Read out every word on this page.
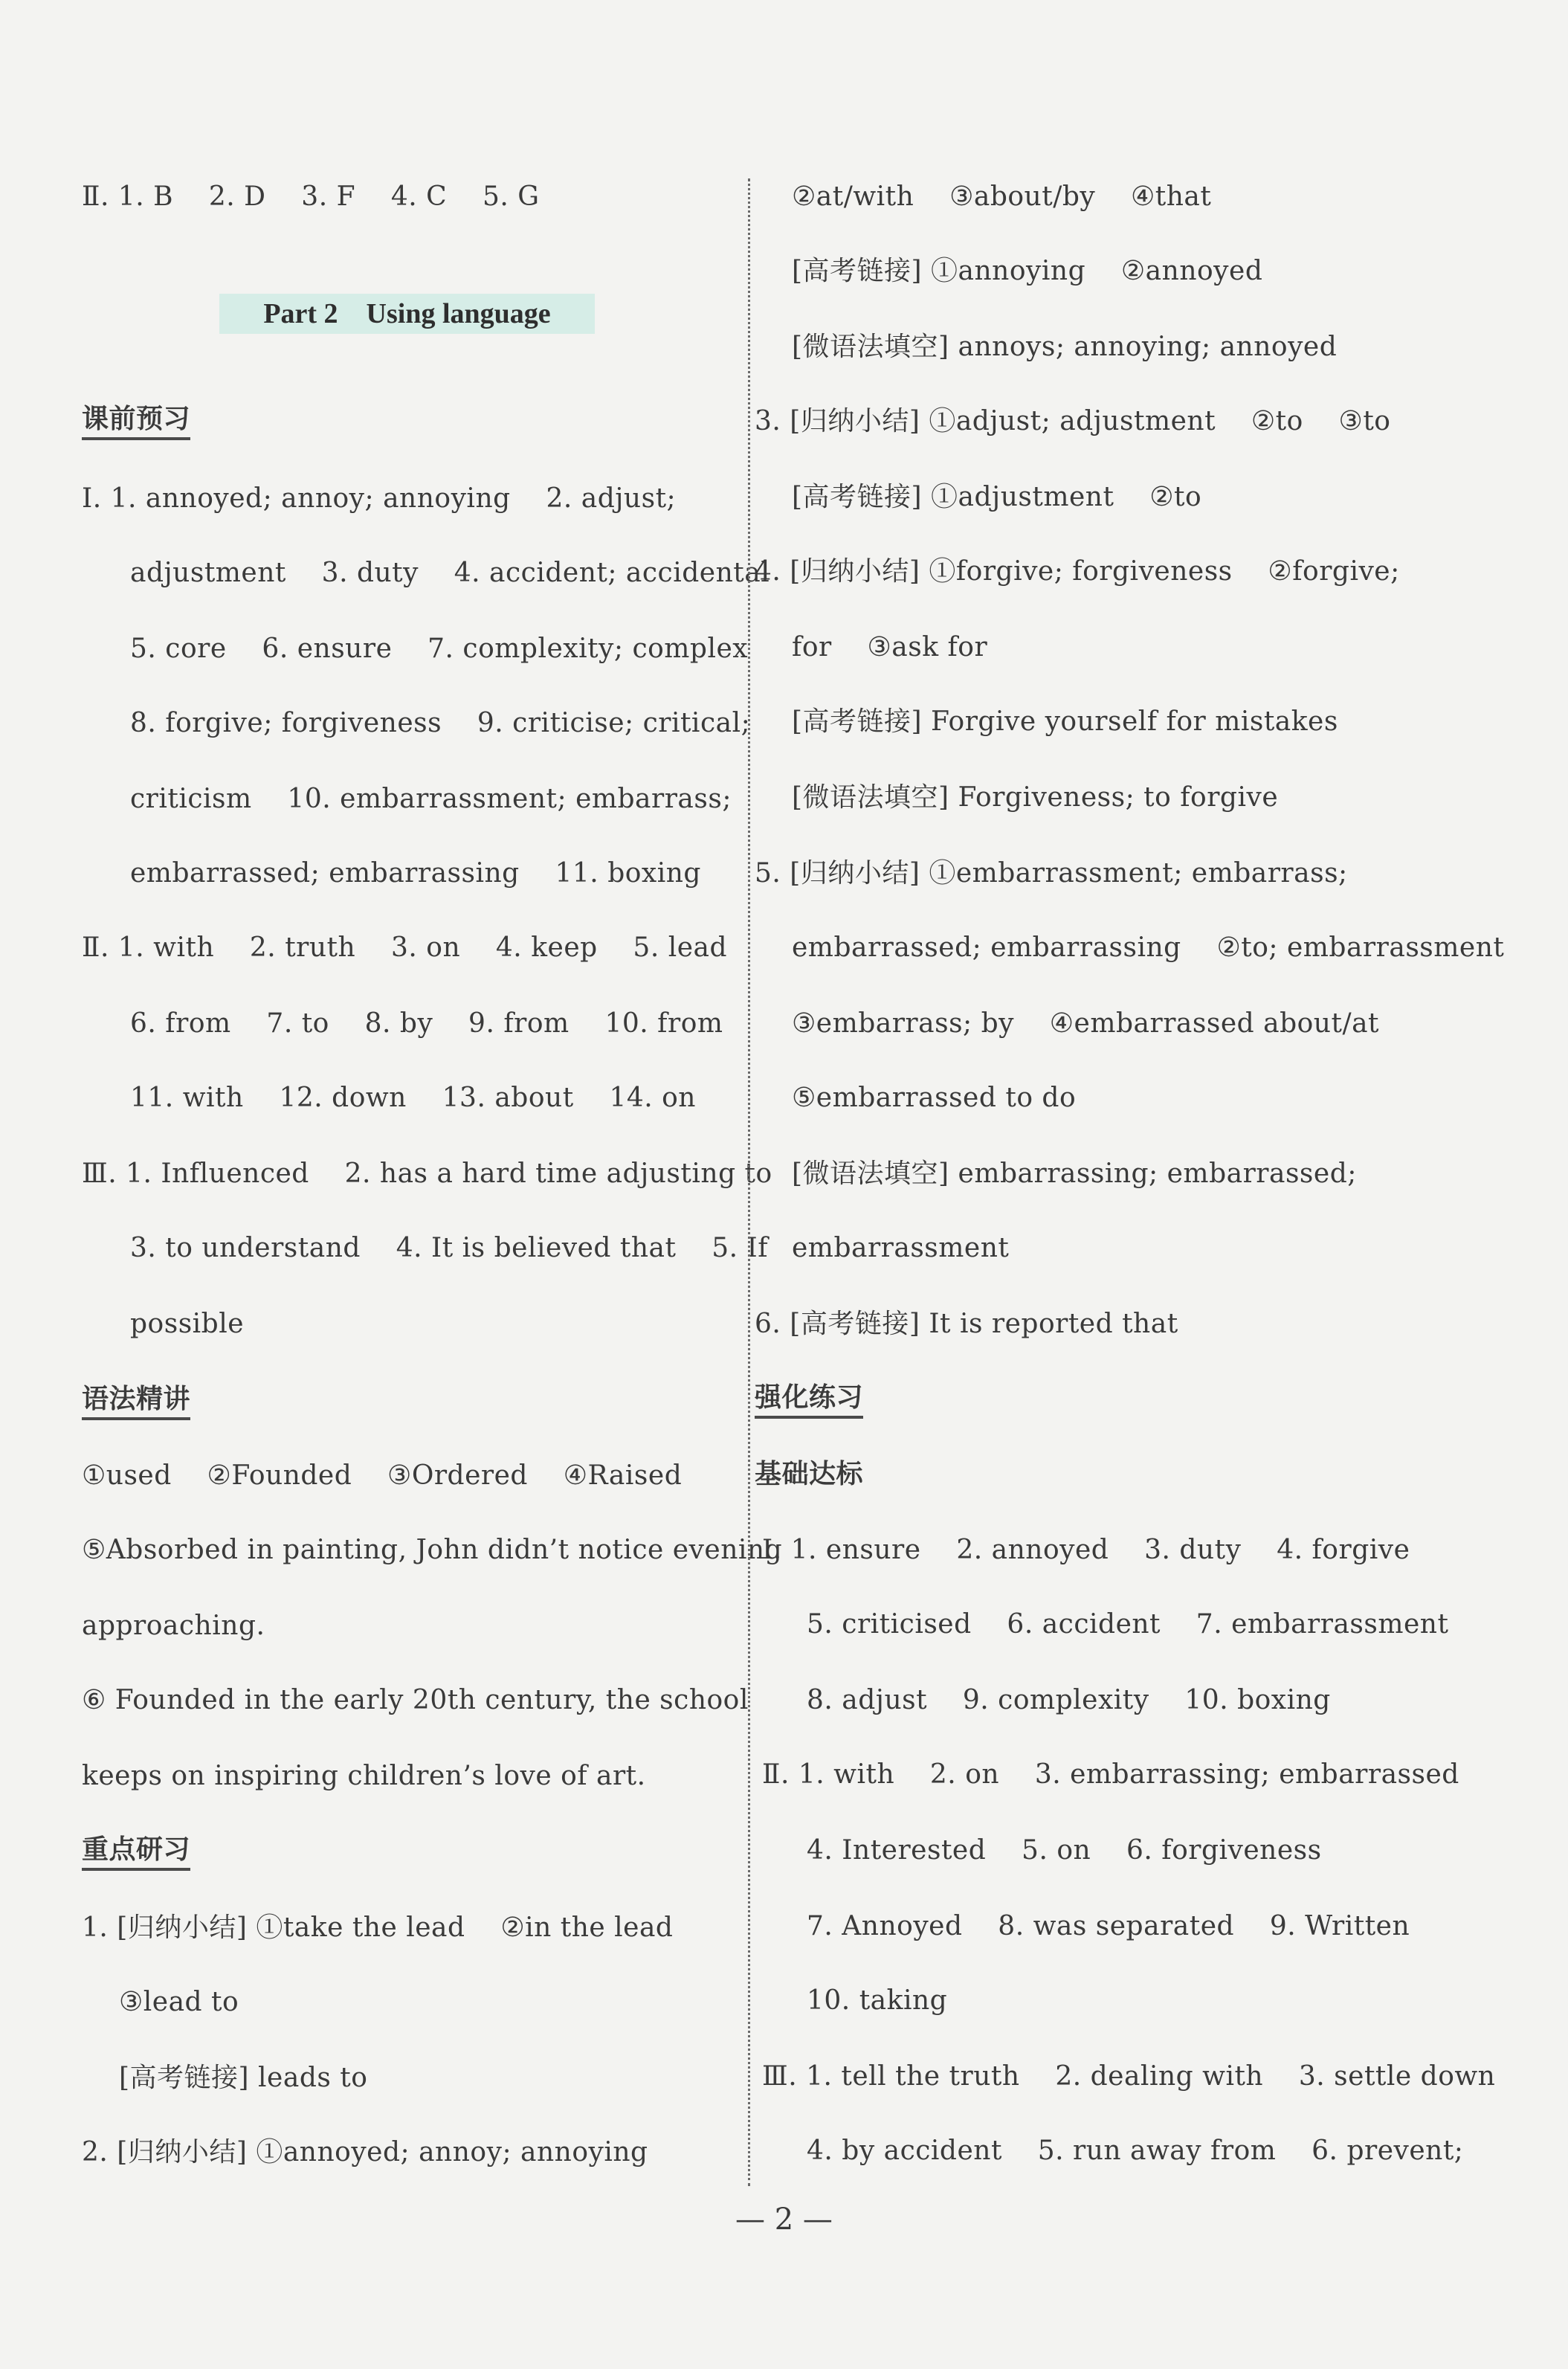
Ⅱ. 1. B    2. D    3. F    4. C    5. G
Part 2    Using language
课前预习
Ⅰ. 1. annoyed; annoy; annoying    2. adjust;
adjustment    3. duty    4. accident; accidental
5. core    6. ensure    7. complexity; complex
8. forgive; forgiveness    9. criticise; critical;
criticism    10. embarrassment; embarrass;
embarrassed; embarrassing    11. boxing
Ⅱ. 1. with    2. truth    3. on    4. keep    5. lead
6. from    7. to    8. by    9. from    10. from
11. with    12. down    13. about    14. on
Ⅲ. 1. Influenced    2. has a hard time adjusting to
3. to understand    4. It is believed that    5. If
possible
语法精讲
①used    ②Founded    ③Ordered    ④Raised
⑤Absorbed in painting, John didn’t notice evening
approaching.
⑥ Founded in the early 20th century, the school
keeps on inspiring children’s love of art.
重点研习
1. [归纳小结] ①take the lead    ②in the lead
③lead to
[高考链接] leads to
2. [归纳小结] ①annoyed; annoy; annoying
②at/with    ③about/by    ④that
[高考链接] ①annoying    ②annoyed
[微语法填空] annoys; annoying; annoyed
3. [归纳小结] ①adjust; adjustment    ②to    ③to
[高考链接] ①adjustment    ②to
4. [归纳小结] ①forgive; forgiveness    ②forgive;
for    ③ask for
[高考链接] Forgive yourself for mistakes
[微语法填空] Forgiveness; to forgive
5. [归纳小结] ①embarrassment; embarrass;
embarrassed; embarrassing    ②to; embarrassment
③embarrass; by    ④embarrassed about/at
⑤embarrassed to do
[微语法填空] embarrassing; embarrassed;
embarrassment
6. [高考链接] It is reported that
强化练习
基础达标
Ⅰ. 1. ensure    2. annoyed    3. duty    4. forgive
5. criticised    6. accident    7. embarrassment
8. adjust    9. complexity    10. boxing
Ⅱ. 1. with    2. on    3. embarrassing; embarrassed
4. Interested    5. on    6. forgiveness
7. Annoyed    8. was separated    9. Written
10. taking
Ⅲ. 1. tell the truth    2. dealing with    3. settle down
4. by accident    5. run away from    6. prevent;
— 2 —
